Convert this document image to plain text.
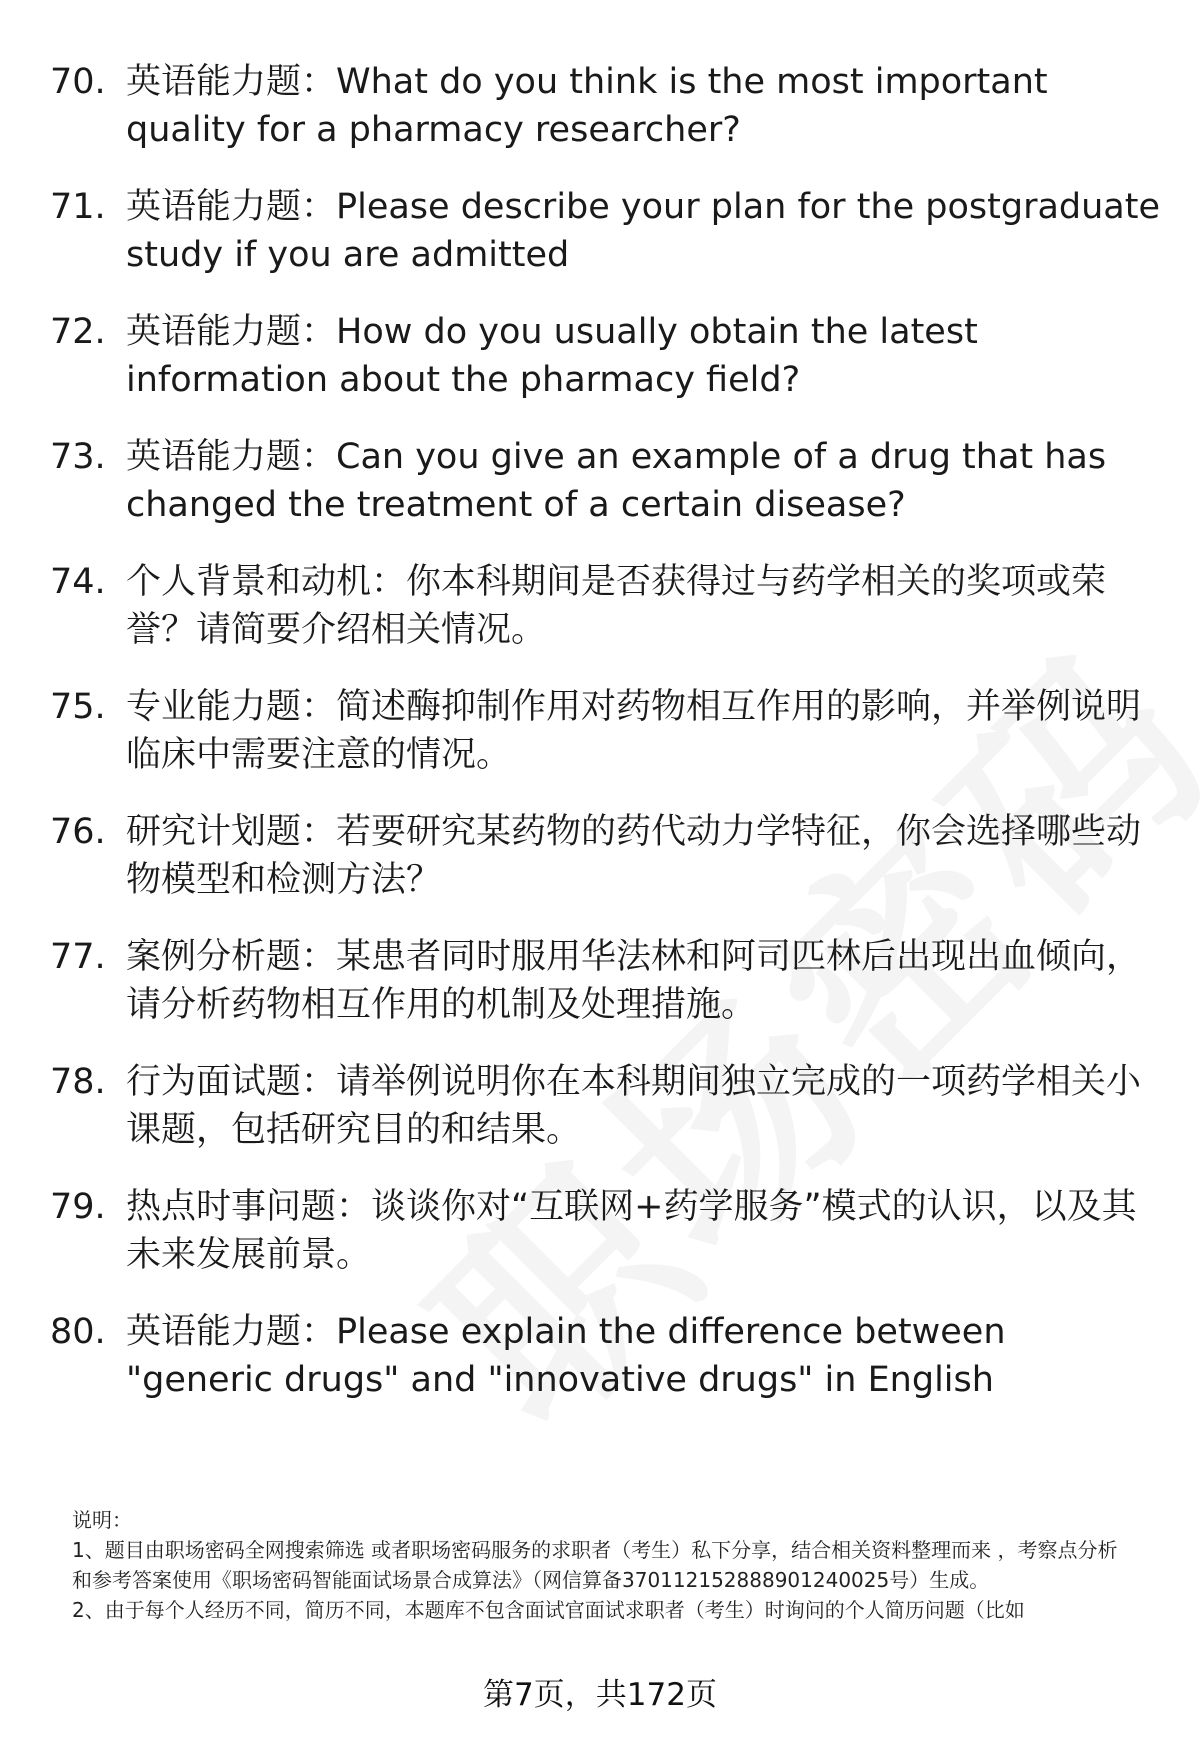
70. 英语能力题：What do you think is the most important quality for a pharmacy researcher?
71. 英语能力题：Please describe your plan for the postgraduate study if you are admitted
72. 英语能力题：How do you usually obtain the latest information about the pharmacy field?
73. 英语能力题：Can you give an example of a drug that has changed the treatment of a certain disease?
74. 个人背景和动机：你本科期间是否获得过与药学相关的奖项或荣誉？请简要介绍相关情况。
75. 专业能力题：简述酶抑制作用对药物相互作用的影响，并举例说明临床中需要注意的情况。
76. 研究计划题：若要研究某药物的药代动力学特征，你会选择哪些动物模型和检测方法？
77. 案例分析题：某患者同时服用华法林和阿司匹林后出现出血倾向，请分析药物相互作用的机制及处理措施。
78. 行为面试题：请举例说明你在本科期间独立完成的一项药学相关小课题，包括研究目的和结果。
79. 热点时事问题：谈谈你对“互联网+药学服务”模式的认识，以及其未来发展前景。
80. 英语能力题：Please explain the difference between "generic drugs" and "innovative drugs" in English

说明：

1、题目由职场密码全网搜索筛选 或者职场密码服务的求职者（考生）私下分享，结合相关资料整理而来 ，考察点分析和参考答案使用《职场密码智能面试场景合成算法》（网信算备370112152888901240025号）生成。

2、由于每个人经历不同，简历不同，本题库不包含面试官面试求职者（考生）时询问的个人简历问题（比如

第7页，共172页
